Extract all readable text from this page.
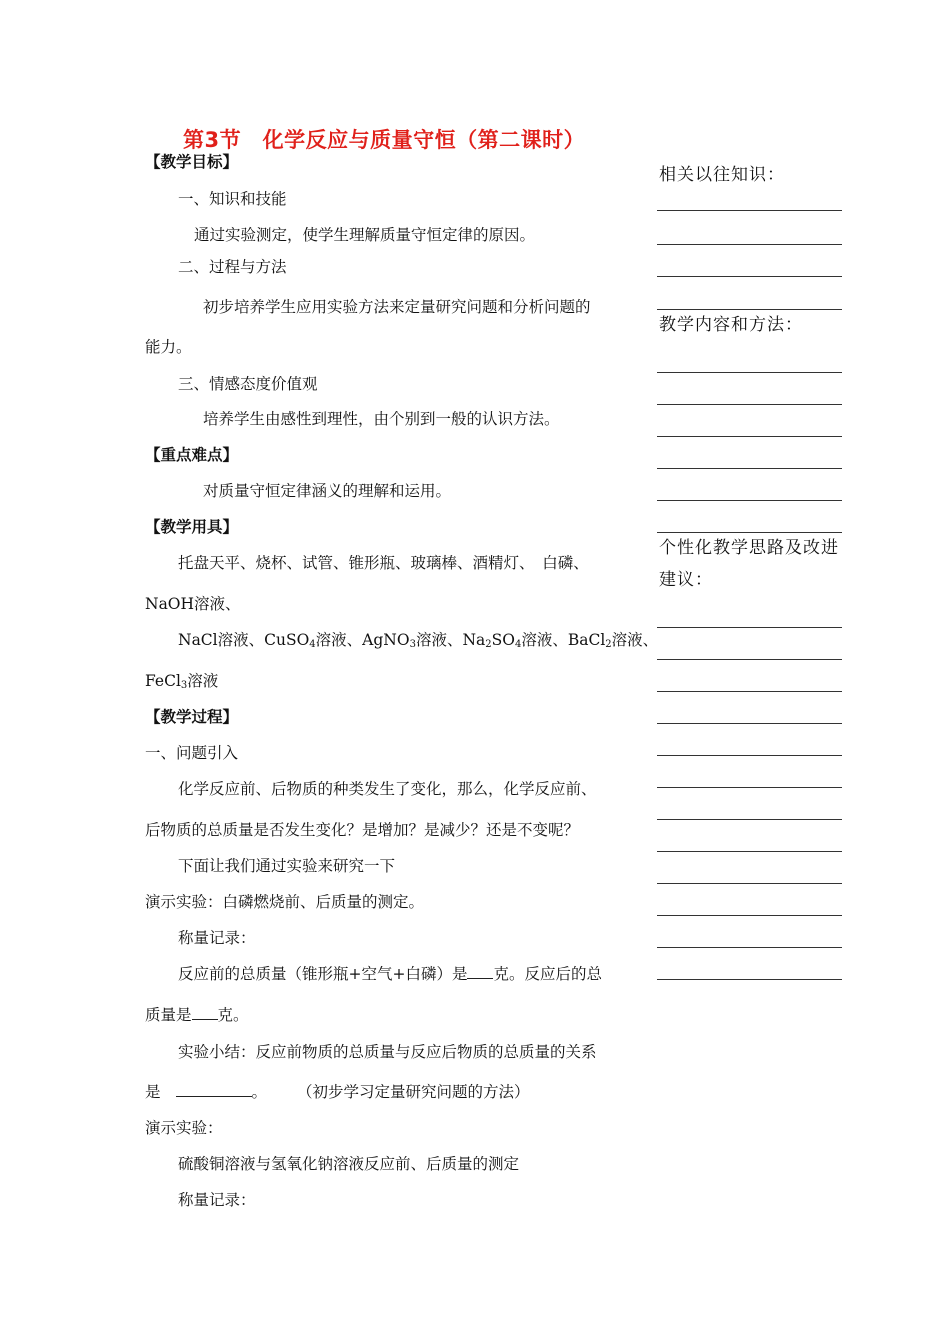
第3节　化学反应与质量守恒（第二课时）
【教学目标】
一、知识和技能
通过实验测定，使学生理解质量守恒定律的原因。
二、过程与方法
初步培养学生应用实验方法来定量研究问题和分析问题的
能力。
三、情感态度价值观
培养学生由感性到理性，由个别到一般的认识方法。
【重点难点】
对质量守恒定律涵义的理解和运用。
【教学用具】
托盘天平、烧杯、试管、锥形瓶、玻璃棒、酒精灯、　白磷、
NaOH溶液、
NaCl溶液、CuSO$_4$溶液、AgNO$_3$溶液、$Na_2SO_4$溶液、BaCl$_2$溶液、
FeCl$_3$溶液
【教学过程】
一、问题引入
化学反应前、后物质的种类发生了变化，那么，化学反应前、
后物质的总质量是否发生变化？是增加？是减少？还是不变呢？
下面让我们通过实验来研究一下
演示实验：白磷燃烧前、后质量的测定。
称量记录：
反应前的总质量（锥形瓶+空气+白磷）是 克。反应后的总
质量是 克。
实验小结：反应前物质的总质量与反应后物质的总质量的关系
是	。 （初步学习定量研究问题的方法）
演示实验：
硫酸铜溶液与氢氧化钠溶液反应前、后质量的测定
称量记录：
相关以往知识：
教学内容和方法：
个性化教学思路及改进
建议：
